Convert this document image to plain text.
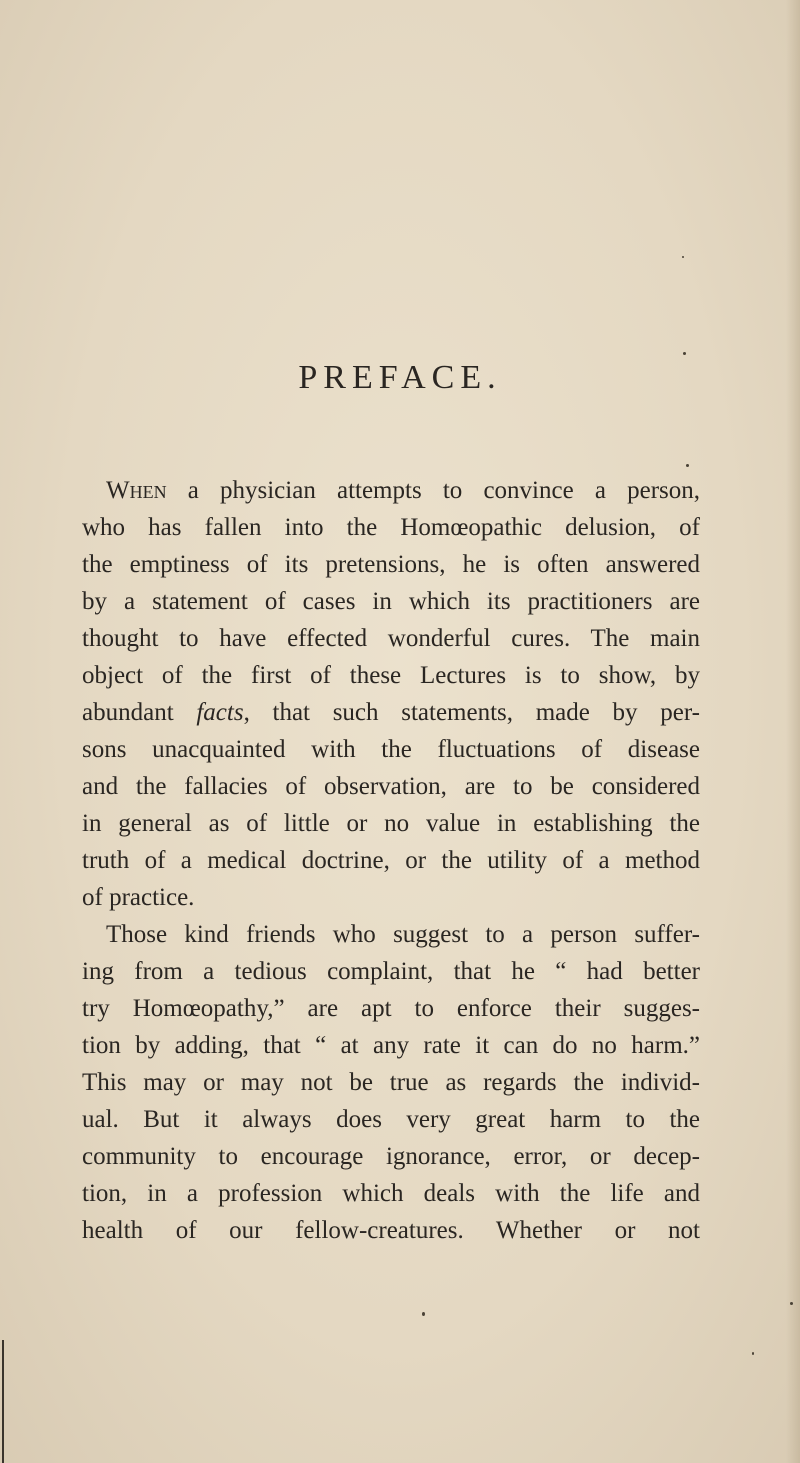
PREFACE.
When a physician attempts to convince a person,
who has fallen into the Homœopathic delusion, of
the emptiness of its pretensions, he is often answered
by a statement of cases in which its practitioners are
thought to have effected wonderful cures. The main
object of the first of these Lectures is to show, by
abundant facts, that such statements, made by per-
sons unacquainted with the fluctuations of disease
and the fallacies of observation, are to be considered
in general as of little or no value in establishing the
truth of a medical doctrine, or the utility of a method
of practice.
Those kind friends who suggest to a person suffer-
ing from a tedious complaint, that he “ had better
try Homœopathy,” are apt to enforce their sugges-
tion by adding, that “ at any rate it can do no harm.”
This may or may not be true as regards the individ-
ual. But it always does very great harm to the
community to encourage ignorance, error, or decep-
tion, in a profession which deals with the life and
health of our fellow-creatures. Whether or not
